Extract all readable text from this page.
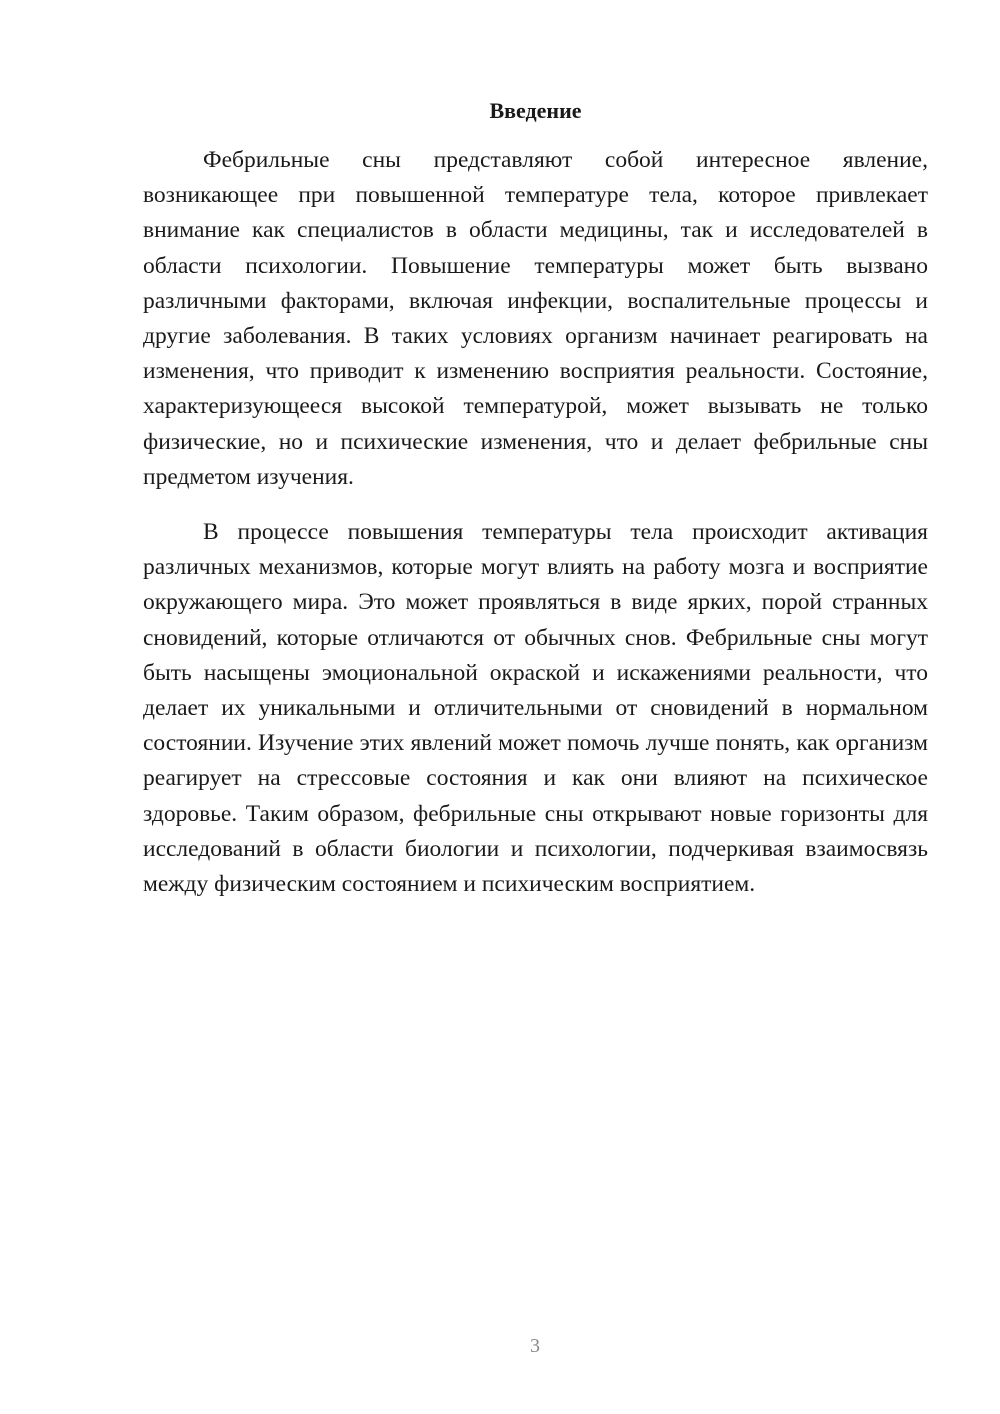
Введение

Фебрильные сны представляют собой интересное явление, возникающее при повышенной температуре тела, которое привлекает внимание как специалистов в области медицины, так и исследователей в области психологии. Повышение температуры может быть вызвано различными факторами, включая инфекции, воспалительные процессы и другие заболевания. В таких условиях организм начинает реагировать на изменения, что приводит к изменению восприятия реальности. Состояние, характеризующееся высокой температурой, может вызывать не только физические, но и психические изменения, что и делает фебрильные сны предметом изучения.

В процессе повышения температуры тела происходит активация различных механизмов, которые могут влиять на работу мозга и восприятие окружающего мира. Это может проявляться в виде ярких, порой странных сновидений, которые отличаются от обычных снов. Фебрильные сны могут быть насыщены эмоциональной окраской и искажениями реальности, что делает их уникальными и отличительными от сновидений в нормальном состоянии. Изучение этих явлений может помочь лучше понять, как организм реагирует на стрессовые состояния и как они влияют на психическое здоровье. Таким образом, фебрильные сны открывают новые горизонты для исследований в области биологии и психологии, подчеркивая взаимосвязь между физическим состоянием и психическим восприятием.

3
